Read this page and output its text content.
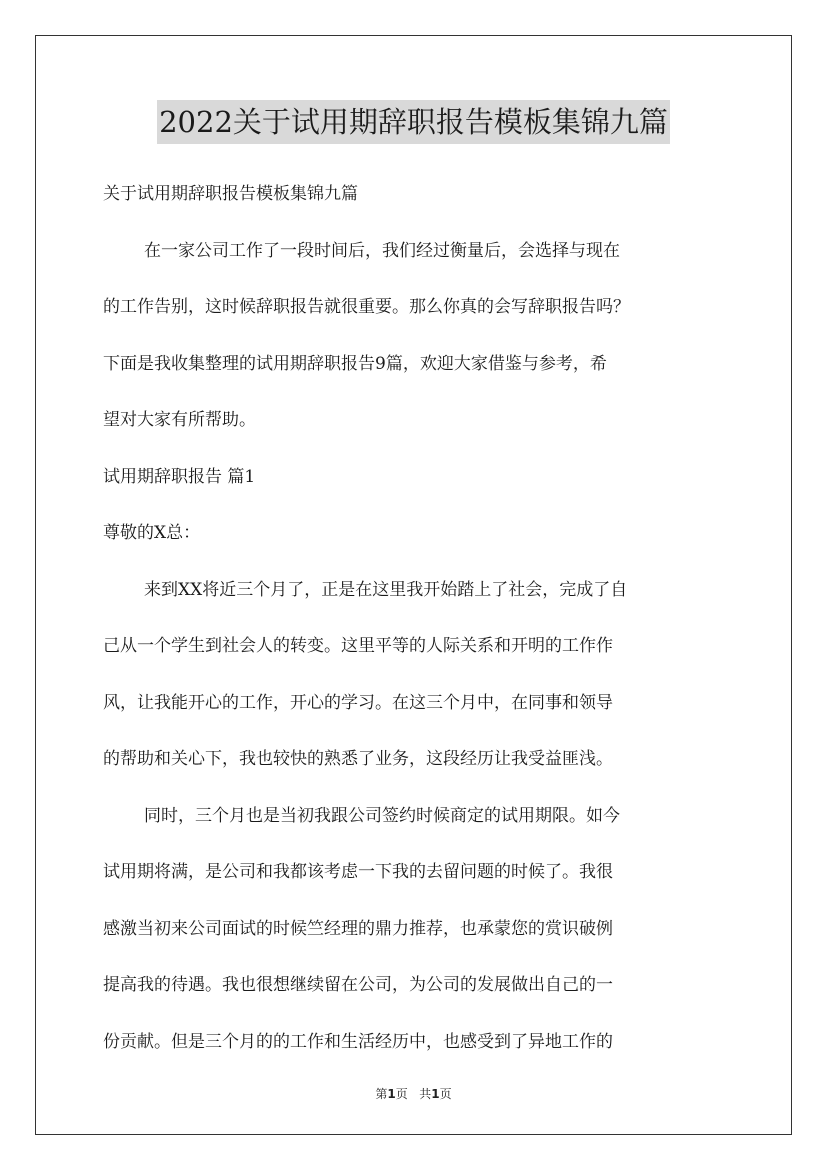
2022关于试用期辞职报告模板集锦九篇

关于试用期辞职报告模板集锦九篇

在一家公司工作了一段时间后，我们经过衡量后，会选择与现在

的工作告别，这时候辞职报告就很重要。那么你真的会写辞职报告吗？

下面是我收集整理的试用期辞职报告9篇，欢迎大家借鉴与参考，希

望对大家有所帮助。

试用期辞职报告 篇1

尊敬的X总：

来到XX将近三个月了，正是在这里我开始踏上了社会，完成了自

己从一个学生到社会人的转变。这里平等的人际关系和开明的工作作

风，让我能开心的工作，开心的学习。在这三个月中，在同事和领导

的帮助和关心下，我也较快的熟悉了业务，这段经历让我受益匪浅。

同时，三个月也是当初我跟公司签约时候商定的试用期限。如今

试用期将满，是公司和我都该考虑一下我的去留问题的时候了。我很

感激当初来公司面试的时候竺经理的鼎力推荐，也承蒙您的赏识破例

提高我的待遇。我也很想继续留在公司，为公司的发展做出自己的一

份贡献。但是三个月的的工作和生活经历中，也感受到了异地工作的

第1页 共1页
